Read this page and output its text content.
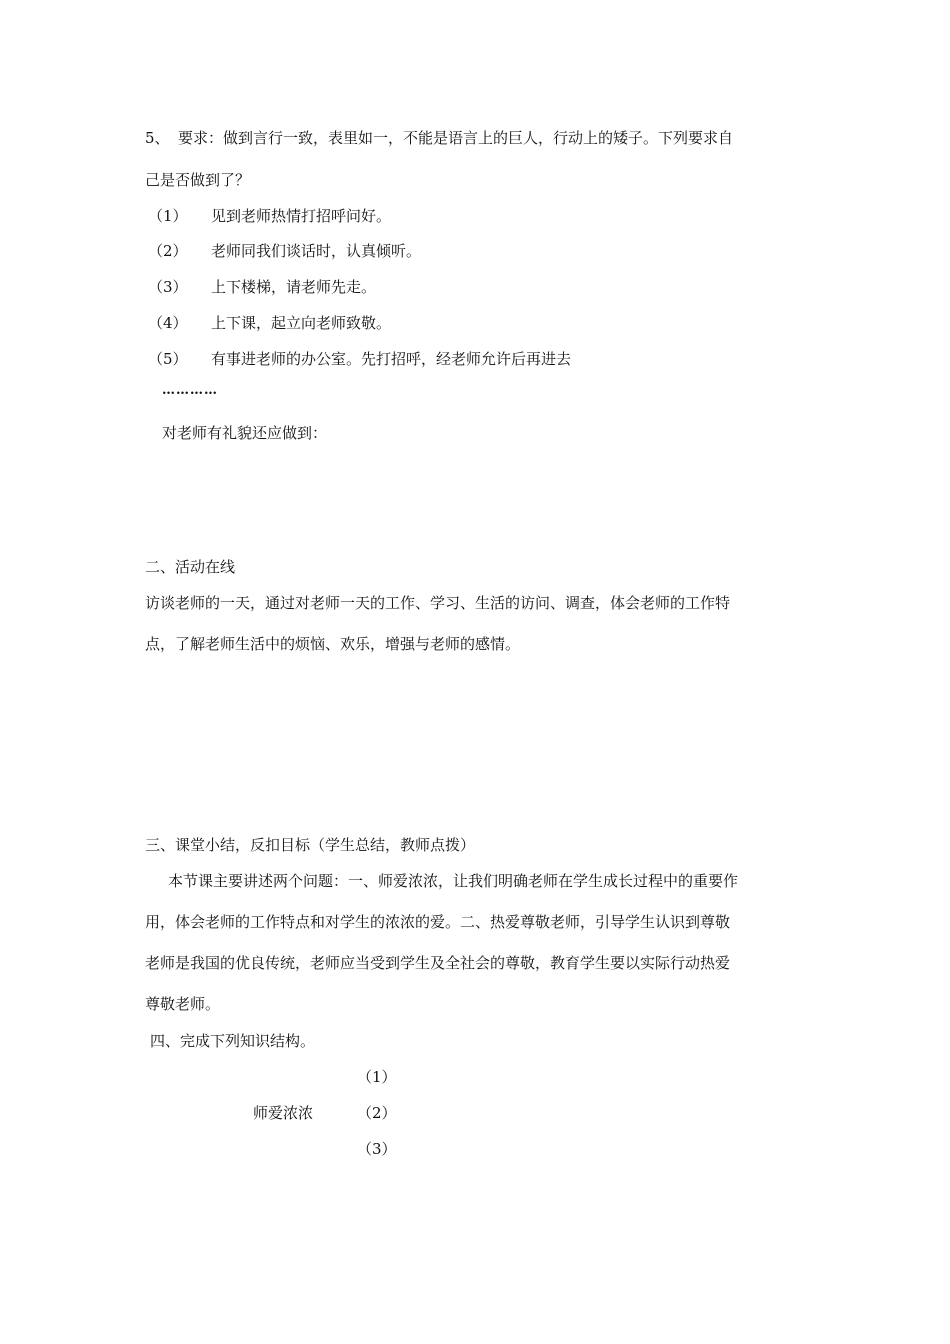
5、 要求：做到言行一致，表里如一，不能是语言上的巨人，行动上的矮子。下列要求自
己是否做到了？
（1） 见到老师热情打招呼问好。
（2） 老师同我们谈话时，认真倾听。
（3） 上下楼梯，请老师先走。
（4） 上下课，起立向老师致敬。
（5） 有事进老师的办公室。先打招呼，经老师允许后再进去
…………
对老师有礼貌还应做到：
二、活动在线
访谈老师的一天，通过对老师一天的工作、学习、生活的访问、调查，体会老师的工作特
点，了解老师生活中的烦恼、欢乐，增强与老师的感情。
三、课堂小结，反扣目标（学生总结，教师点拨）
本节课主要讲述两个问题：一、师爱浓浓，让我们明确老师在学生成长过程中的重要作
用，体会老师的工作特点和对学生的浓浓的爱。二、热爱尊敬老师，引导学生认识到尊敬
老师是我国的优良传统，老师应当受到学生及全社会的尊敬，教育学生要以实际行动热爱
尊敬老师。
四、完成下列知识结构。
（1）
师爱浓浓	（2）
（3）
